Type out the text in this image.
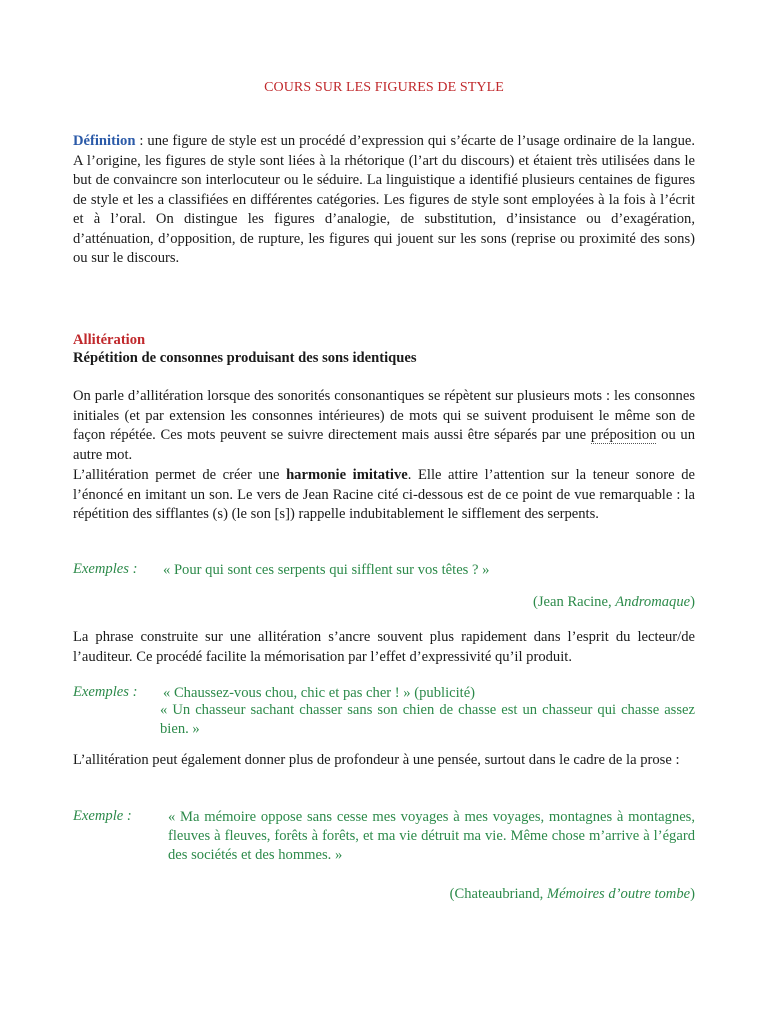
COURS SUR LES FIGURES DE STYLE
Définition : une figure de style est un procédé d’expression qui s’écarte de l’usage ordinaire de la langue. A l’origine, les figures de style sont liées à la rhétorique (l’art du discours) et étaient très utilisées dans le but de convaincre son interlocuteur ou le séduire. La linguistique a identifié plusieurs centaines de figures de style et les a classifiées en différentes catégories. Les figures de style sont employées à la fois à l’écrit et à l’oral. On distingue les figures d’analogie, de substitution, d’insistance ou d’exagération, d’atténuation, d’opposition, de rupture, les figures qui jouent sur les sons (reprise ou proximité des sons) ou sur le discours.
Allitération
Répétition de consonnes produisant des sons identiques
On parle d’allitération lorsque des sonorités consonantiques se répètent sur plusieurs mots : les consonnes initiales (et par extension les consonnes intérieures) de mots qui se suivent produisent le même son de façon répétée. Ces mots peuvent se suivre directement mais aussi être séparés par une préposition ou un autre mot.
L’allitération permet de créer une harmonie imitative. Elle attire l’attention sur la teneur sonore de l’énoncé en imitant un son. Le vers de Jean Racine cité ci-dessous est de ce point de vue remarquable : la répétition des sifflantes (s) (le son [s]) rappelle indubitablement le sifflement des serpents.
Exemples : « Pour qui sont ces serpents qui sifflent sur vos têtes ? »
(Jean Racine, Andromaque)
La phrase construite sur une allitération s’ancre souvent plus rapidement dans l’esprit du lecteur/de l’auditeur. Ce procédé facilite la mémorisation par l’effet d’expressivité qu’il produit.
Exemples : « Chaussez-vous chou, chic et pas cher ! » (publicité)
« Un chasseur sachant chasser sans son chien de chasse est un chasseur qui chasse assez bien. »
L’allitération peut également donner plus de profondeur à une pensée, surtout dans le cadre de la prose :
Exemple : « Ma mémoire oppose sans cesse mes voyages à mes voyages, montagnes à montagnes, fleuves à fleuves, forêts à forêts, et ma vie détruit ma vie. Même chose m’arrive à l’égard des sociétés et des hommes. »
(Chateaubriand, Mémoires d’outre tombe)
